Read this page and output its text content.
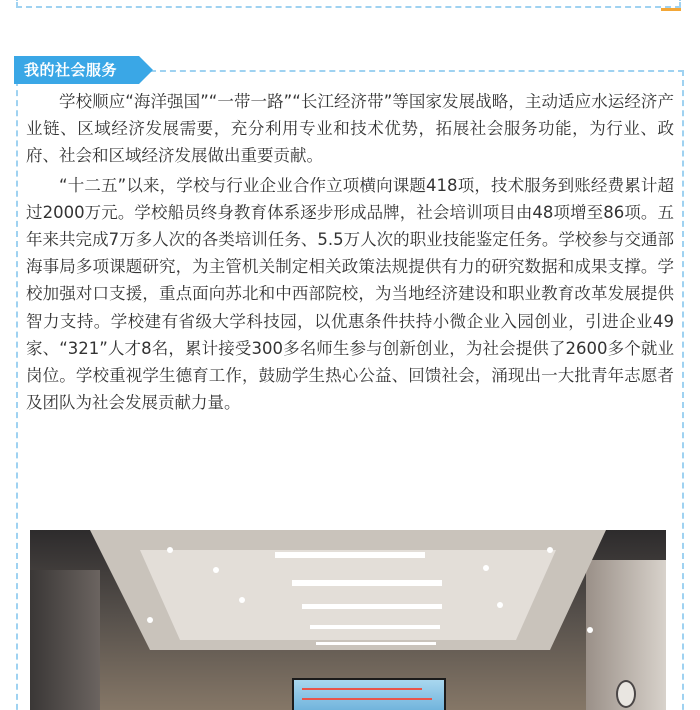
我的社会服务

学校顺应“海洋强国”“一带一路”“长江经济带”等国家发展战略，主动适应水运经济产业链、区域经济发展需要，充分利用专业和技术优势，拓展社会服务功能，为行业、政府、社会和区域经济发展做出重要贡献。

“十二五”以来，学校与行业企业合作立项横向课题418项，技术服务到账经费累计超过2000万元。学校船员终身教育体系逐步形成品牌，社会培训项目由48项增至86项。五年来共完成7万多人次的各类培训任务、5.5万人次的职业技能鉴定任务。学校参与交通部海事局多项课题研究，为主管机关制定相关政策法规提供有力的研究数据和成果支撑。学校加强对口支援，重点面向苏北和中西部院校，为当地经济建设和职业教育改革发展提供智力支持。学校建有省级大学科技园，以优惠条件扶持小微企业入园创业，引进企业49家、“321”人才8名，累计接受300多名师生参与创新创业，为社会提供了2600多个就业岗位。学校重视学生德育工作，鼓励学生热心公益、回馈社会，涌现出一大批青年志愿者及团队为社会发展贡献力量。
